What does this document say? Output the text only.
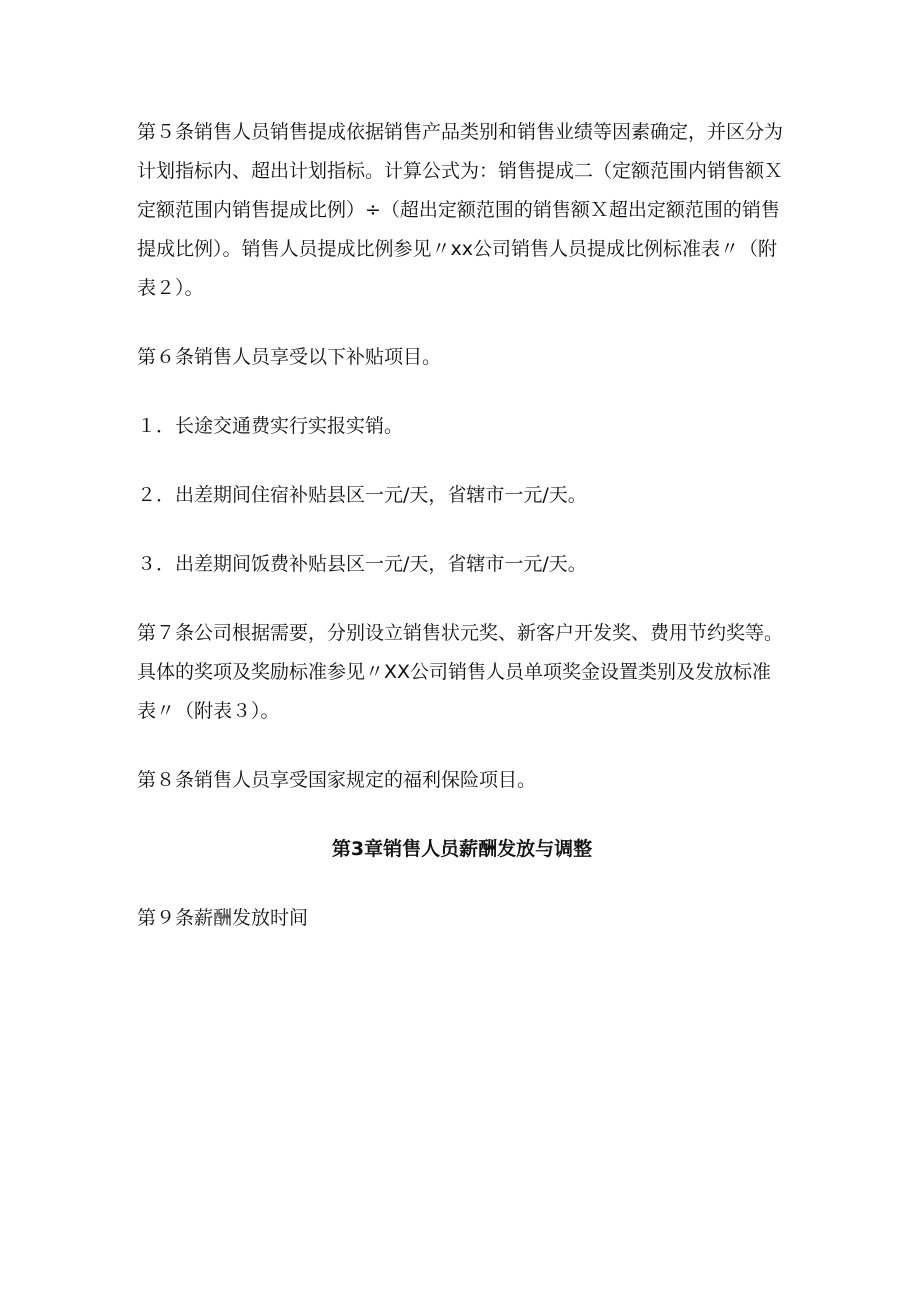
第５条销售人员销售提成依据销售产品类别和销售业绩等因素确定，并区分为计划指标内、超出计划指标。计算公式为：销售提成二（定额范围内销售额Ｘ定额范围内销售提成比例）÷（超出定额范围的销售额Ｘ超出定额范围的销售提成比例）。销售人员提成比例参见〃xx公司销售人员提成比例标准表〃（附表２）。

第６条销售人员享受以下补贴项目。

１．长途交通费实行实报实销。

２．出差期间住宿补贴县区一元/天，省辖市一元/天。

３．出差期间饭费补贴县区一元/天，省辖市一元/天。

第７条公司根据需要，分别设立销售状元奖、新客户开发奖、费用节约奖等。具体的奖项及奖励标准参见〃XX公司销售人员单项奖金设置类别及发放标准表〃（附表３）。

第８条销售人员享受国家规定的福利保险项目。

第3章销售人员薪酬发放与调整

第９条薪酬发放时间
